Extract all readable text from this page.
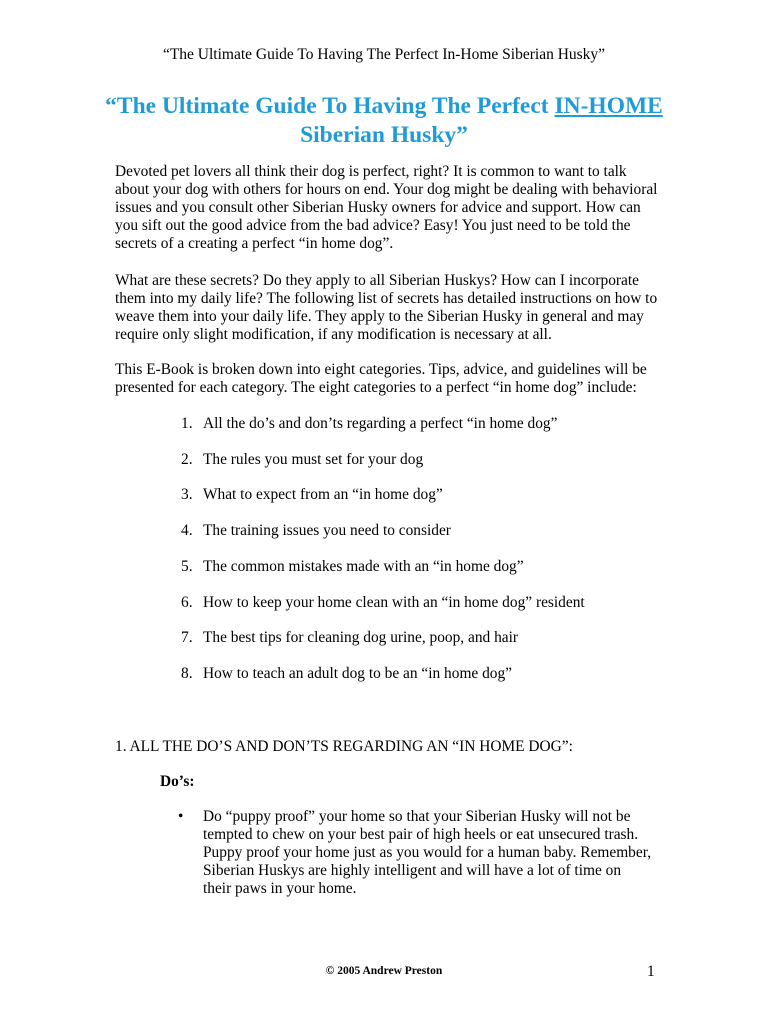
“The Ultimate Guide To Having The Perfect In-Home Siberian Husky”
“The Ultimate Guide To Having The Perfect IN-HOME
Siberian Husky”
Devoted pet lovers all think their dog is perfect, right? It is common to want to talk about your dog with others for hours on end. Your dog might be dealing with behavioral issues and you consult other Siberian Husky owners for advice and support. How can you sift out the good advice from the bad advice? Easy! You just need to be told the secrets of a creating a perfect “in home dog”.
What are these secrets? Do they apply to all Siberian Huskys? How can I incorporate them into my daily life? The following list of secrets has detailed instructions on how to weave them into your daily life. They apply to the Siberian Husky in general and may require only slight modification, if any modification is necessary at all.
This E-Book is broken down into eight categories. Tips, advice, and guidelines will be presented for each category. The eight categories to a perfect “in home dog” include:
1. All the do’s and don’ts regarding a perfect “in home dog”
2. The rules you must set for your dog
3. What to expect from an “in home dog”
4. The training issues you need to consider
5. The common mistakes made with an “in home dog”
6. How to keep your home clean with an “in home dog” resident
7. The best tips for cleaning dog urine, poop, and hair
8. How to teach an adult dog to be an “in home dog”
1. ALL THE DO’S AND DON’TS REGARDING AN “IN HOME DOG”:
Do’s:
• Do “puppy proof” your home so that your Siberian Husky will not be tempted to chew on your best pair of high heels or eat unsecured trash. Puppy proof your home just as you would for a human baby. Remember, Siberian Huskys are highly intelligent and will have a lot of time on their paws in your home.
© 2005 Andrew Preston	1
